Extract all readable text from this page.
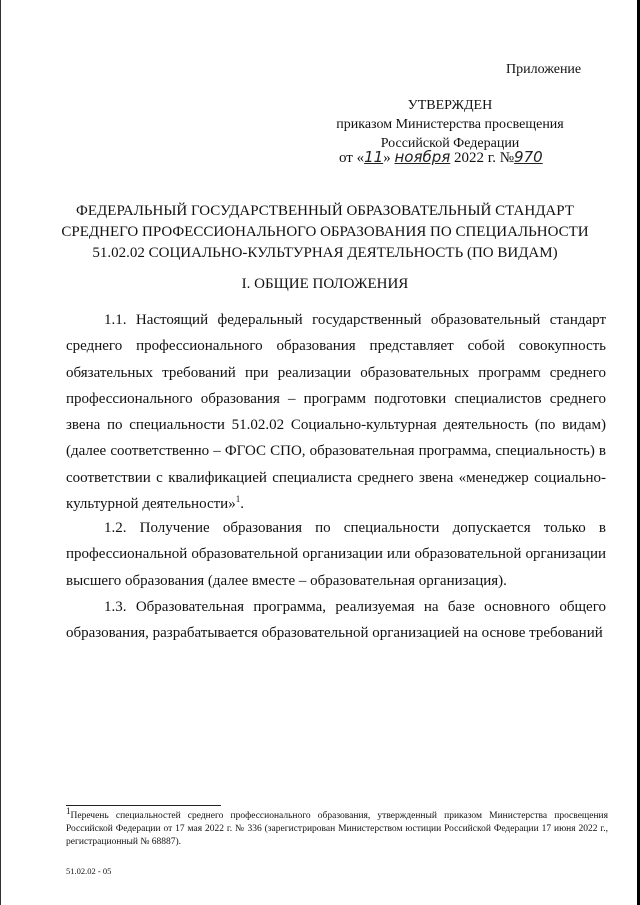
Приложение
УТВЕРЖДЕН
приказом Министерства просвещения
Российской Федерации
от «11» ноября 2022 г. №970
ФЕДЕРАЛЬНЫЙ ГОСУДАРСТВЕННЫЙ ОБРАЗОВАТЕЛЬНЫЙ СТАНДАРТ СРЕДНЕГО ПРОФЕССИОНАЛЬНОГО ОБРАЗОВАНИЯ ПО СПЕЦИАЛЬНОСТИ 51.02.02 СОЦИАЛЬНО-КУЛЬТУРНАЯ ДЕЯТЕЛЬНОСТЬ (ПО ВИДАМ)
I. ОБЩИЕ ПОЛОЖЕНИЯ
1.1. Настоящий федеральный государственный образовательный стандарт среднего профессионального образования представляет собой совокупность обязательных требований при реализации образовательных программ среднего профессионального образования – программ подготовки специалистов среднего звена по специальности 51.02.02 Социально-культурная деятельность (по видам) (далее соответственно – ФГОС СПО, образовательная программа, специальность) в соответствии с квалификацией специалиста среднего звена «менеджер социально-культурной деятельности»$^1$.
1.2. Получение образования по специальности допускается только в профессиональной образовательной организации или образовательной организации высшего образования (далее вместе – образовательная организация).
1.3. Образовательная программа, реализуемая на базе основного общего образования, разрабатывается образовательной организацией на основе требований
$^1$Перечень специальностей среднего профессионального образования, утвержденный приказом Министерства просвещения Российской Федерации от 17 мая 2022 г. № 336 (зарегистрирован Министерством юстиции Российской Федерации 17 июня 2022 г., регистрационный № 68887).
51.02.02 - 05
